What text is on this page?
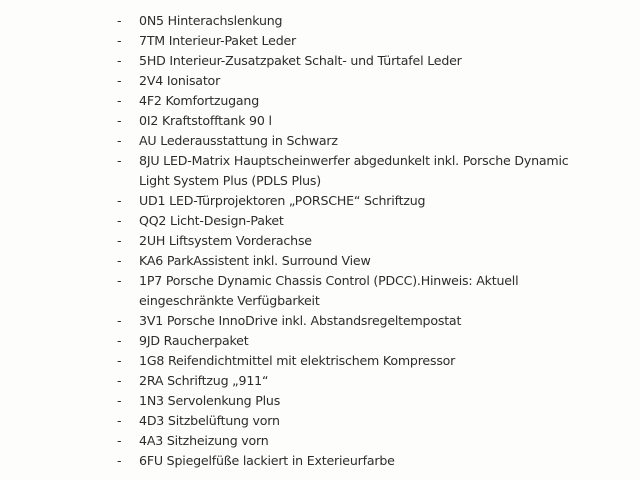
- 0N5 Hinterachslenkung
- 7TM Interieur-Paket Leder
- 5HD Interieur-Zusatzpaket Schalt- und Türtafel Leder
- 2V4 Ionisator
- 4F2 Komfortzugang
- 0I2 Kraftstofftank 90 l
- AU Lederausstattung in Schwarz
- 8JU LED-Matrix Hauptscheinwerfer abgedunkelt inkl. Porsche Dynamic
Light System Plus (PDLS Plus)
- UD1 LED-Türprojektoren „PORSCHE“ Schriftzug
- QQ2 Licht-Design-Paket
- 2UH Liftsystem Vorderachse
- KA6 ParkAssistent inkl. Surround View
- 1P7 Porsche Dynamic Chassis Control (PDCC).Hinweis: Aktuell
eingeschränkte Verfügbarkeit
- 3V1 Porsche InnoDrive inkl. Abstandsregeltempostat
- 9JD Raucherpaket
- 1G8 Reifendichtmittel mit elektrischem Kompressor
- 2RA Schriftzug „911“
- 1N3 Servolenkung Plus
- 4D3 Sitzbelüftung vorn
- 4A3 Sitzheizung vorn
- 6FU Spiegelfüße lackiert in Exterieurfarbe
